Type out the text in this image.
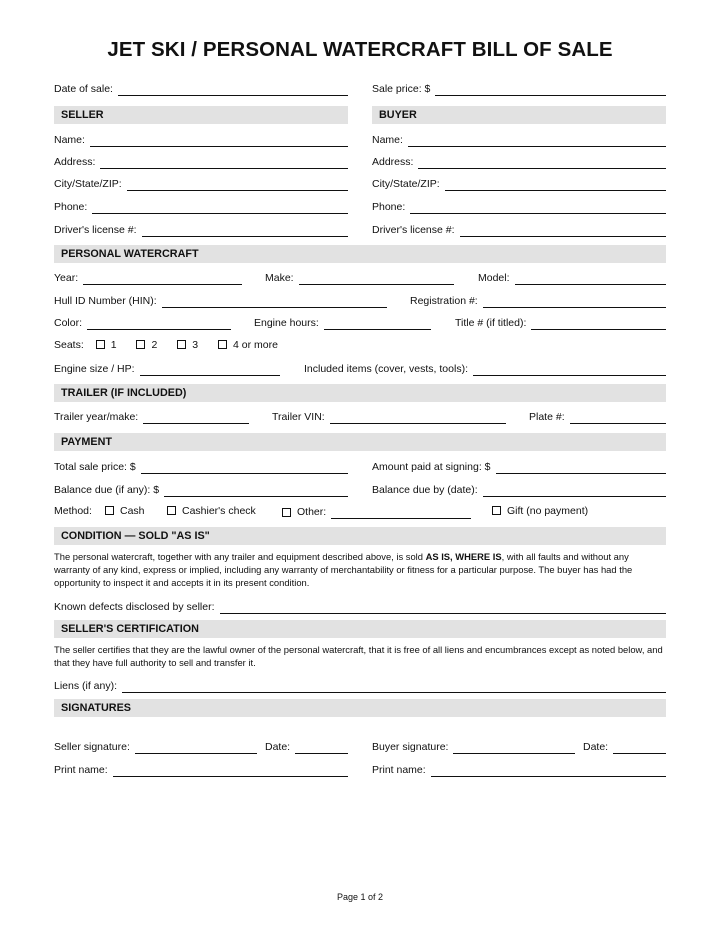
JET SKI / PERSONAL WATERCRAFT BILL OF SALE
Date of sale:	Sale price: $
SELLER	BUYER
Name:	Name:
Address:	Address:
City/State/ZIP:	City/State/ZIP:
Phone:	Phone:
Driver's license #:	Driver's license #:
PERSONAL WATERCRAFT
Year:	Make:	Model:
Hull ID Number (HIN):	Registration #:
Color:	Engine hours:	Title # (if titled):
Seats:	1	2	3	4 or more
Engine size / HP:	Included items (cover, vests, tools):
TRAILER (IF INCLUDED)
Trailer year/make:	Trailer VIN:	Plate #:
PAYMENT
Total sale price: $	Amount paid at signing: $
Balance due (if any): $	Balance due by (date):
Method:	Cash	Cashier's check	Other:	Gift (no payment)
CONDITION — SOLD "AS IS"
The personal watercraft, together with any trailer and equipment described above, is sold AS IS, WHERE IS, with all faults and without any warranty of any kind, express or implied, including any warranty of merchantability or fitness for a particular purpose. The buyer has had the opportunity to inspect it and accepts it in its present condition.
Known defects disclosed by seller:
SELLER'S CERTIFICATION
The seller certifies that they are the lawful owner of the personal watercraft, that it is free of all liens and encumbrances except as noted below, and that they have full authority to sell and transfer it.
Liens (if any):
SIGNATURES
Seller signature:	Date:	Buyer signature:	Date:
Print name:	Print name:
Page 1 of 2
